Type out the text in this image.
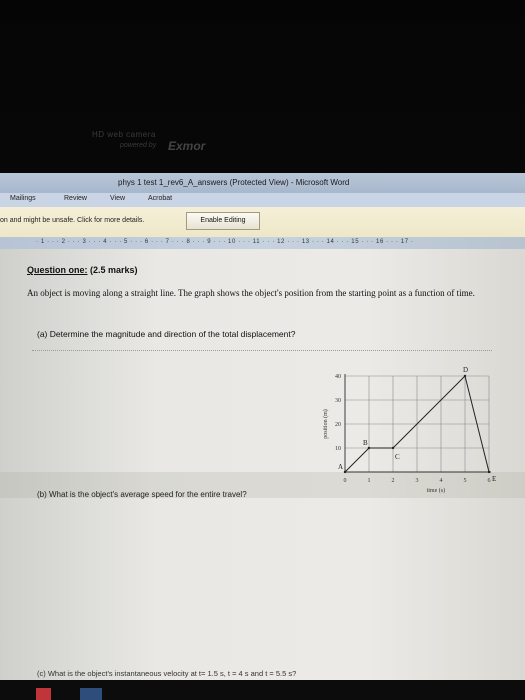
HD web camera
powered by Exmor
phys 1 test 1_rev6_A_answers (Protected View) - Microsoft Word
Mailings	Review	View	Acrobat
on and might be unsafe. Click for more details.	Enable Editing
· 1 · · · 2 · · · 3 · · · 4 · · · 5 · · · 6 · · · 7 · · · 8 · · · 9 · · · 10 · · · 11 · · · 12 · · · 13 · · · 14 · · · 15 · · · 16 · · · 17 ·
Question one: (2.5 marks)
An object is moving along a straight line. The graph shows the object's position from the starting point as a function of time.
(a) Determine the magnitude and direction of the total displacement?
(b) What is the object's average speed for the entire travel?
(c) What is the object's instantaneous velocity at t= 1.5 s, t = 4 s and t = 5.5 s?
0	1	2	3	4	5	6
10
20
30
40
time (s)
position (m)
A
B
C
D
E
